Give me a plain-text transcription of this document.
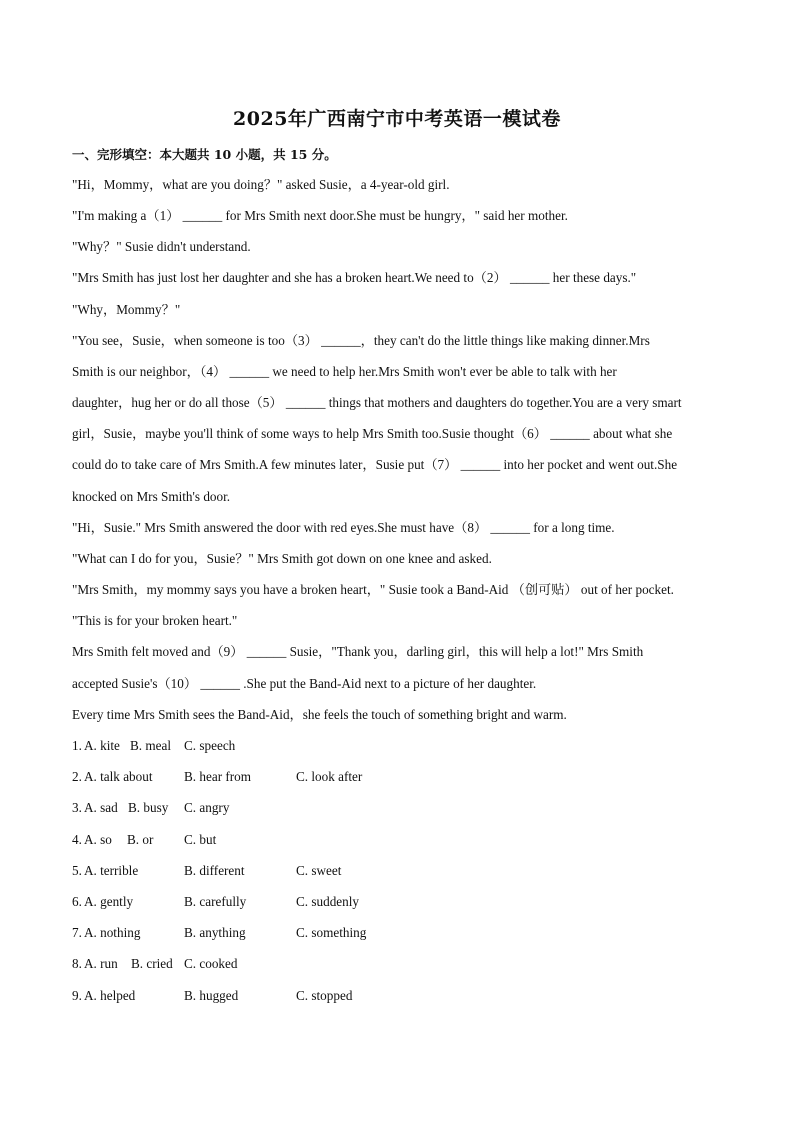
2025年广西南宁市中考英语一模试卷
一、完形填空：本大题共 10 小题，共 15 分。
"Hi，Mommy，what are you doing？" asked Susie，a 4-year-old girl.
"I'm making a（1） ______ for Mrs Smith next door.She must be hungry，" said her mother.
"Why？" Susie didn't understand.
"Mrs Smith has just lost her daughter and she has a broken heart.We need to（2） ______ her these days."
"Why，Mommy？"
"You see，Susie，when someone is too（3） ______，they can't do the little things like making dinner.Mrs
Smith is our neighbor，（4） ______ we need to help her.Mrs Smith won't ever be able to talk with her
daughter，hug her or do all those（5） ______ things that mothers and daughters do together.You are a very smart
girl，Susie，maybe you'll think of some ways to help Mrs Smith too.Susie thought（6） ______ about what she
could do to take care of Mrs Smith.A few minutes later，Susie put（7） ______ into her pocket and went out.She
knocked on Mrs Smith's door.
"Hi，Susie." Mrs Smith answered the door with red eyes.She must have（8） ______ for a long time.
"What can I do for you，Susie？" Mrs Smith got down on one knee and asked.
"Mrs Smith，my mommy says you have a broken heart，" Susie took a Band-Aid （创可贴） out of her pocket.
"This is for your broken heart."
Mrs Smith felt moved and（9） ______ Susie，"Thank you，darling girl，this will help a lot!" Mrs Smith
accepted Susie's（10） ______ .She put the Band-Aid next to a picture of her daughter.
Every time Mrs Smith sees the Band-Aid，she feels the touch of something bright and warm.
1. A. kite B. meal C. speech
2. A. talk about B. hear from	C. look after
3. A. sad B. busy C. angry
4. A. so B. or C. but
5. A. terrible	B. different	C. sweet
6. A. gently	B. carefully	C. suddenly
7. A. nothing	B. anything	C. something
8. A. run B. cried C. cooked
9. A. helped	B. hugged	C. stopped
